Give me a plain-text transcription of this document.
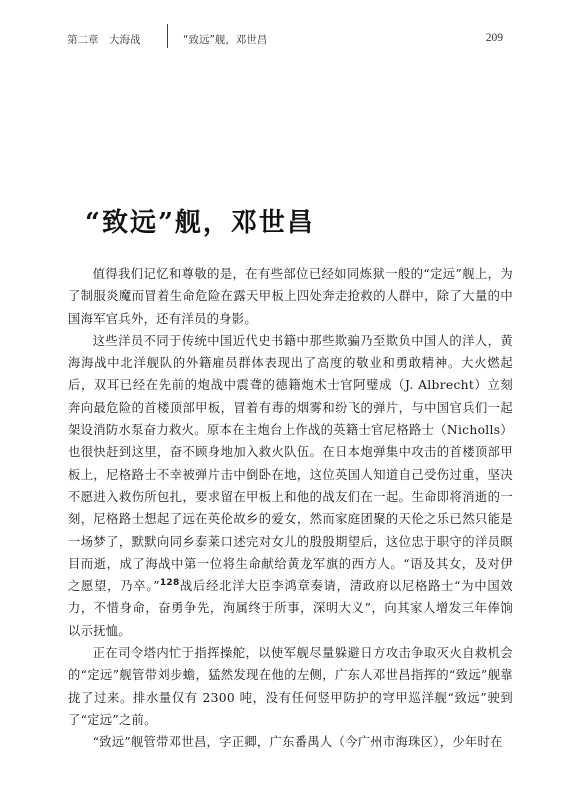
第二章　大海战	“致远”舰，邓世昌	209
“致远”舰，邓世昌

值得我们记忆和尊敬的是，在有些部位已经如同炼狱一般的“定远”舰上，为了制服炎魔而冒着生命危险在露天甲板上四处奔走抢救的人群中，除了大量的中国海军官兵外，还有洋员的身影。

这些洋员不同于传统中国近代史书籍中那些欺骗乃至欺负中国人的洋人，黄海海战中北洋舰队的外籍雇员群体表现出了高度的敬业和勇敢精神。大火燃起后，双耳已经在先前的炮战中震聋的德籍炮术士官阿璧成（J. Albrecht）立刻奔向最危险的首楼顶部甲板，冒着有毒的烟雾和纷飞的弹片，与中国官兵们一起架设消防水泵奋力救火。原本在主炮台上作战的英籍士官尼格路士（Nicholls）也很快赶到这里，奋不顾身地加入救火队伍。在日本炮弹集中攻击的首楼顶部甲板上，尼格路士不幸被弹片击中倒卧在地，这位英国人知道自己受伤过重，坚决不愿进入救伤所包扎，要求留在甲板上和他的战友们在一起。生命即将消逝的一刻，尼格路士想起了远在英伦故乡的爱女，然而家庭团聚的天伦之乐已然只能是一场梦了，默默向同乡泰莱口述完对女儿的殷殷期望后，这位忠于职守的洋员瞑目而逝，成了海战中第一位将生命献给黄龙军旗的西方人。“语及其女，及对伊之愿望，乃卒。”$^{128}$战后经北洋大臣李鸿章奏请，清政府以尼格路士“为中国效力，不惜身命，奋勇争先，洵属终于所事，深明大义”，向其家人增发三年俸饷以示抚恤。

正在司令塔内忙于指挥操舵，以使军舰尽量躲避日方攻击争取灭火自救机会的“定远”舰管带刘步蟾，猛然发现在他的左侧，广东人邓世昌指挥的“致远”舰靠拢了过来。排水量仅有 2300 吨，没有任何竖甲防护的穹甲巡洋舰“致远”驶到了“定远”之前。

“致远”舰管带邓世昌，字正卿，广东番禺人（今广州市海珠区），少年时在
